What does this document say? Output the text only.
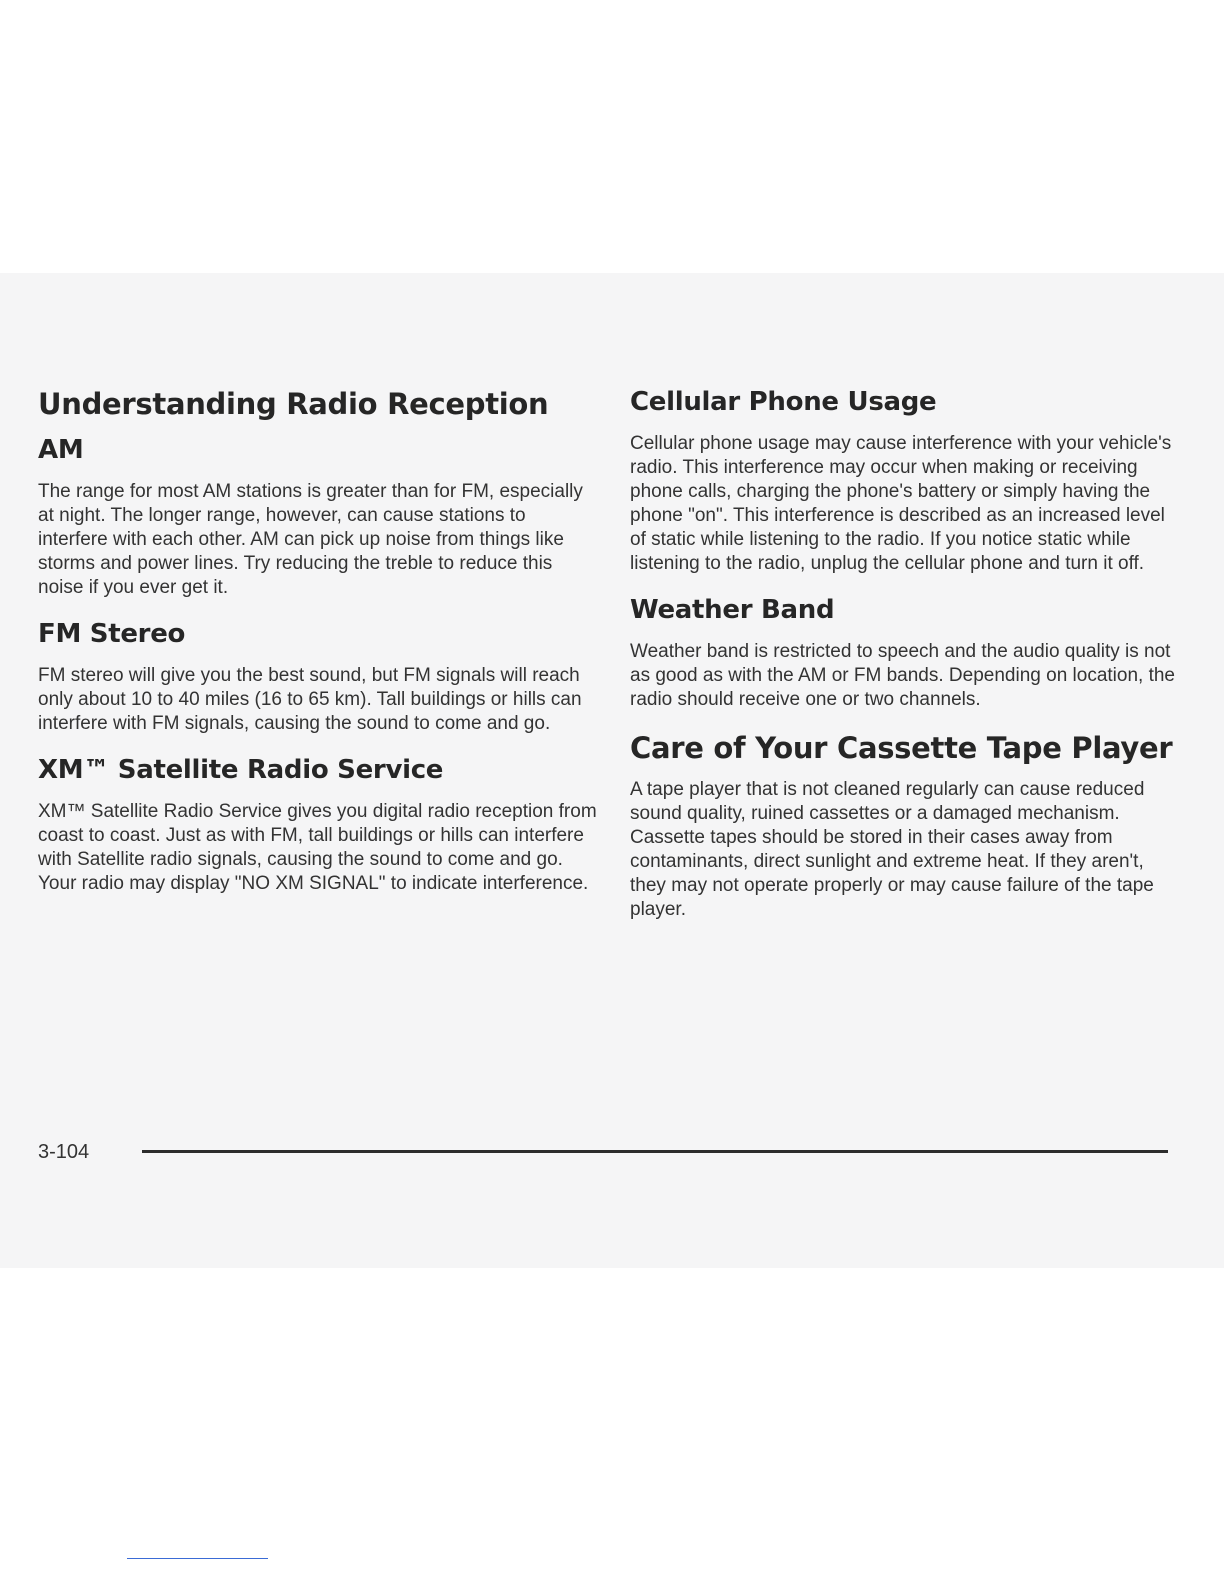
Understanding Radio Reception
AM

The range for most AM stations is greater than for FM, especially at night. The longer range, however, can cause stations to interfere with each other. AM can pick up noise from things like storms and power lines. Try reducing the treble to reduce this noise if you ever get it.

FM Stereo

FM stereo will give you the best sound, but FM signals will reach only about 10 to 40 miles (16 to 65 km). Tall buildings or hills can interfere with FM signals, causing the sound to come and go.

XM™ Satellite Radio Service

XM™ Satellite Radio Service gives you digital radio reception from coast to coast. Just as with FM, tall buildings or hills can interfere with Satellite radio signals, causing the sound to come and go. Your radio may display "NO XM SIGNAL" to indicate interference.

Cellular Phone Usage

Cellular phone usage may cause interference with your vehicle's radio. This interference may occur when making or receiving phone calls, charging the phone's battery or simply having the phone "on". This interference is described as an increased level of static while listening to the radio. If you notice static while listening to the radio, unplug the cellular phone and turn it off.

Weather Band

Weather band is restricted to speech and the audio quality is not as good as with the AM or FM bands. Depending on location, the radio should receive one or two channels.

Care of Your Cassette Tape Player

A tape player that is not cleaned regularly can cause reduced sound quality, ruined cassettes or a damaged mechanism. Cassette tapes should be stored in their cases away from contaminants, direct sunlight and extreme heat. If they aren't, they may not operate properly or may cause failure of the tape player.

3-104
